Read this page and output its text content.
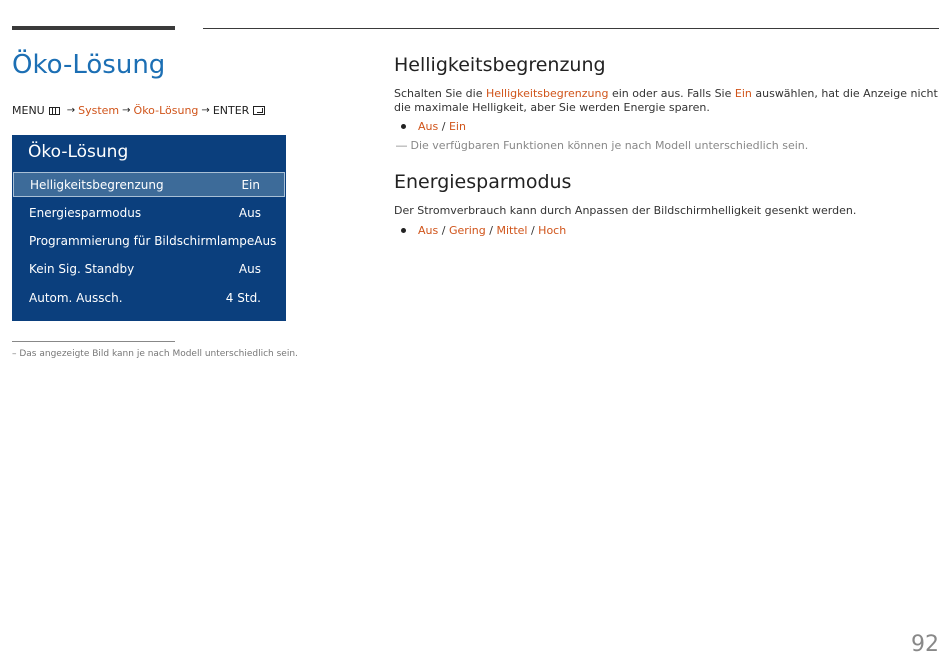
Öko-Lösung
MENU → System → Öko-Lösung → ENTER
Öko-Lösung
Helligkeitsbegrenzung	Ein
Energiesparmodus	Aus
Programmierung für Bildschirmlampe Aus
Kein Sig. Standby	Aus
Autom. Aussch.	4 Std.
– Das angezeigte Bild kann je nach Modell unterschiedlich sein.
Helligkeitsbegrenzung
Schalten Sie die Helligkeitsbegrenzung ein oder aus. Falls Sie Ein auswählen, hat die Anzeige nicht die maximale Helligkeit, aber Sie werden Energie sparen.
Aus / Ein
― Die verfügbaren Funktionen können je nach Modell unterschiedlich sein.
Energiesparmodus
Der Stromverbrauch kann durch Anpassen der Bildschirmhelligkeit gesenkt werden.
Aus / Gering / Mittel / Hoch
92
